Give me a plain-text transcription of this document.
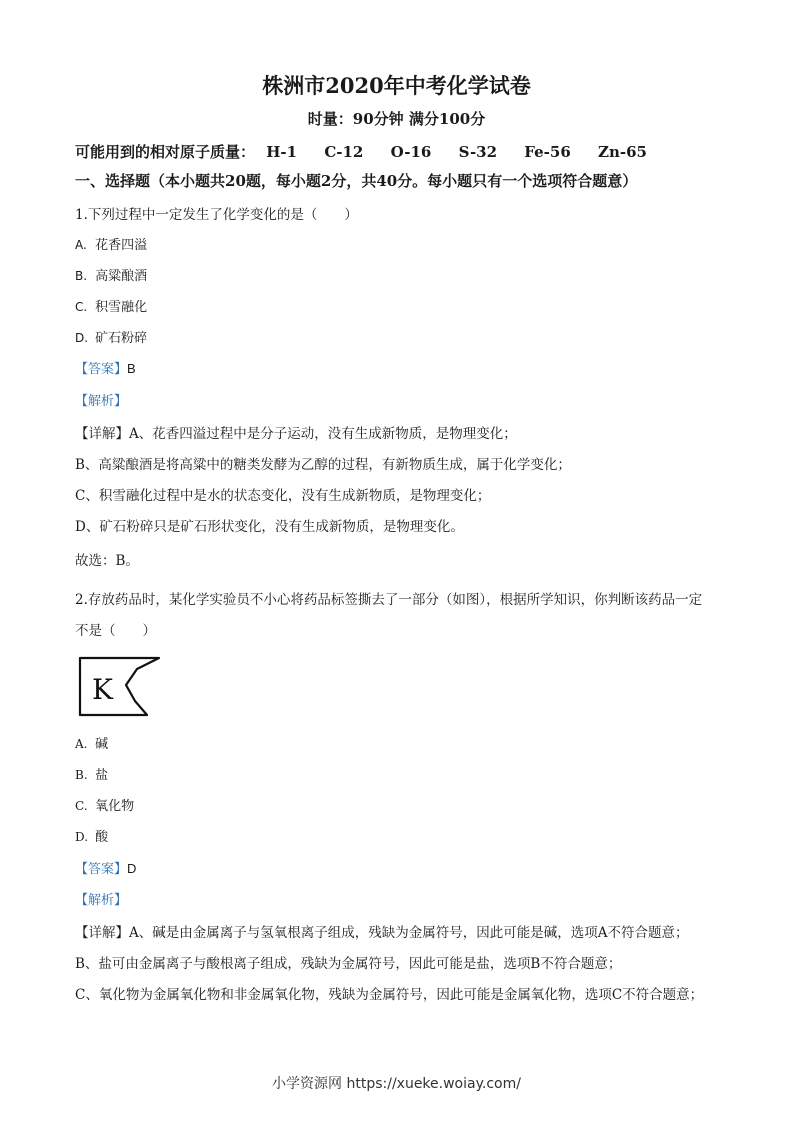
株洲市2020年中考化学试卷
时量：90分钟 满分100分
可能用到的相对原子质量： H-1 C-12 O-16 S-32 Fe-56 Zn-65
一、选择题（本小题共20题，每小题2分，共40分。每小题只有一个选项符合题意）
1.下列过程中一定发生了化学变化的是（　　）
A. 花香四溢
B. 高粱酿酒
C. 积雪融化
D. 矿石粉碎
【答案】B
【解析】
【详解】A、花香四溢过程中是分子运动，没有生成新物质，是物理变化；
B、高粱酿酒是将高粱中的糖类发酵为乙醇的过程，有新物质生成，属于化学变化；
C、积雪融化过程中是水的状态变化，没有生成新物质，是物理变化；
D、矿石粉碎只是矿石形状变化，没有生成新物质，是物理变化。
故选：B。
2.存放药品时，某化学实验员不小心将药品标签撕去了一部分（如图），根据所学知识，你判断该药品一定
不是（　　）
K
A. 碱
B. 盐
C. 氧化物
D. 酸
【答案】D
【解析】
【详解】A、碱是由金属离子与氢氧根离子组成，残缺为金属符号，因此可能是碱，选项A不符合题意；
B、盐可由金属离子与酸根离子组成，残缺为金属符号，因此可能是盐，选项B不符合题意；
C、氧化物为金属氧化物和非金属氧化物，残缺为金属符号，因此可能是金属氧化物，选项C不符合题意；
小学资源网 https://xueke.woiay.com/
